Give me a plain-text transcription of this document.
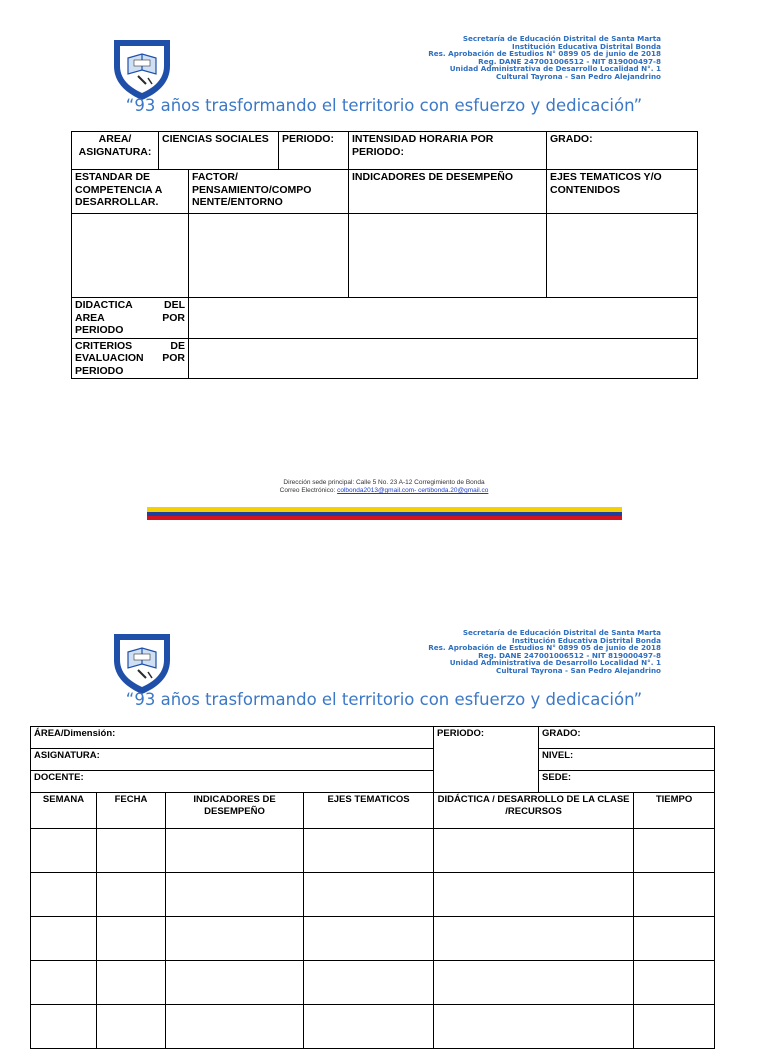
Secretaría de Educación Distrital de Santa Marta
Institución Educativa Distrital Bonda
Res. Aprobación de Estudios N° 0899 05 de junio de 2018
Reg. DANE 247001006512 - NIT 819000497-8
Unidad Administrativa de Desarrollo Localidad N°. 1
Cultural Tayrona - San Pedro Alejandrino
“93 años trasformando el territorio con esfuerzo y dedicación”
AREA/ ASIGNATURA:	CIENCIAS SOCIALES		PERIODO:	INTENSIDAD HORARIA POR PERIODO:	GRADO:
ESTANDAR DE COMPETENCIA A DESARROLLAR.		FACTOR/ PENSAMIENTO/COMPO NENTE/ENTORNO		INDICADORES DE DESEMPEÑO	EJES TEMATICOS Y/O CONTENIDOS

DIDACTICA DEL
AREA POR
PERIODO					

CRITERIOS DE
EVALUACION POR
PERIODO					

Dirección sede principal: Calle 5 No. 23 A-12 Corregimiento de Bonda
Correo Electrónico: colbonda2013@gmail.com- certibonda.20@gmail.co
Secretaría de Educación Distrital de Santa Marta
Institución Educativa Distrital Bonda
Res. Aprobación de Estudios N° 0899 05 de junio de 2018
Reg. DANE 247001006512 - NIT 819000497-8
Unidad Administrativa de Desarrollo Localidad N°. 1
Cultural Tayrona - San Pedro Alejandrino
“93 años trasformando el territorio con esfuerzo y dedicación”
ÁREA/Dimensión:				PERIODO:	GRADO:	
ASIGNATURA:					NIVEL:	
DOCENTE:					SEDE:	
SEMANA	FECHA	INDICADORES DE DESEMPEÑO	EJES TEMATICOS	DIDÁCTICA / DESARROLLO DE LA CLASE /RECURSOS		TIEMPO
